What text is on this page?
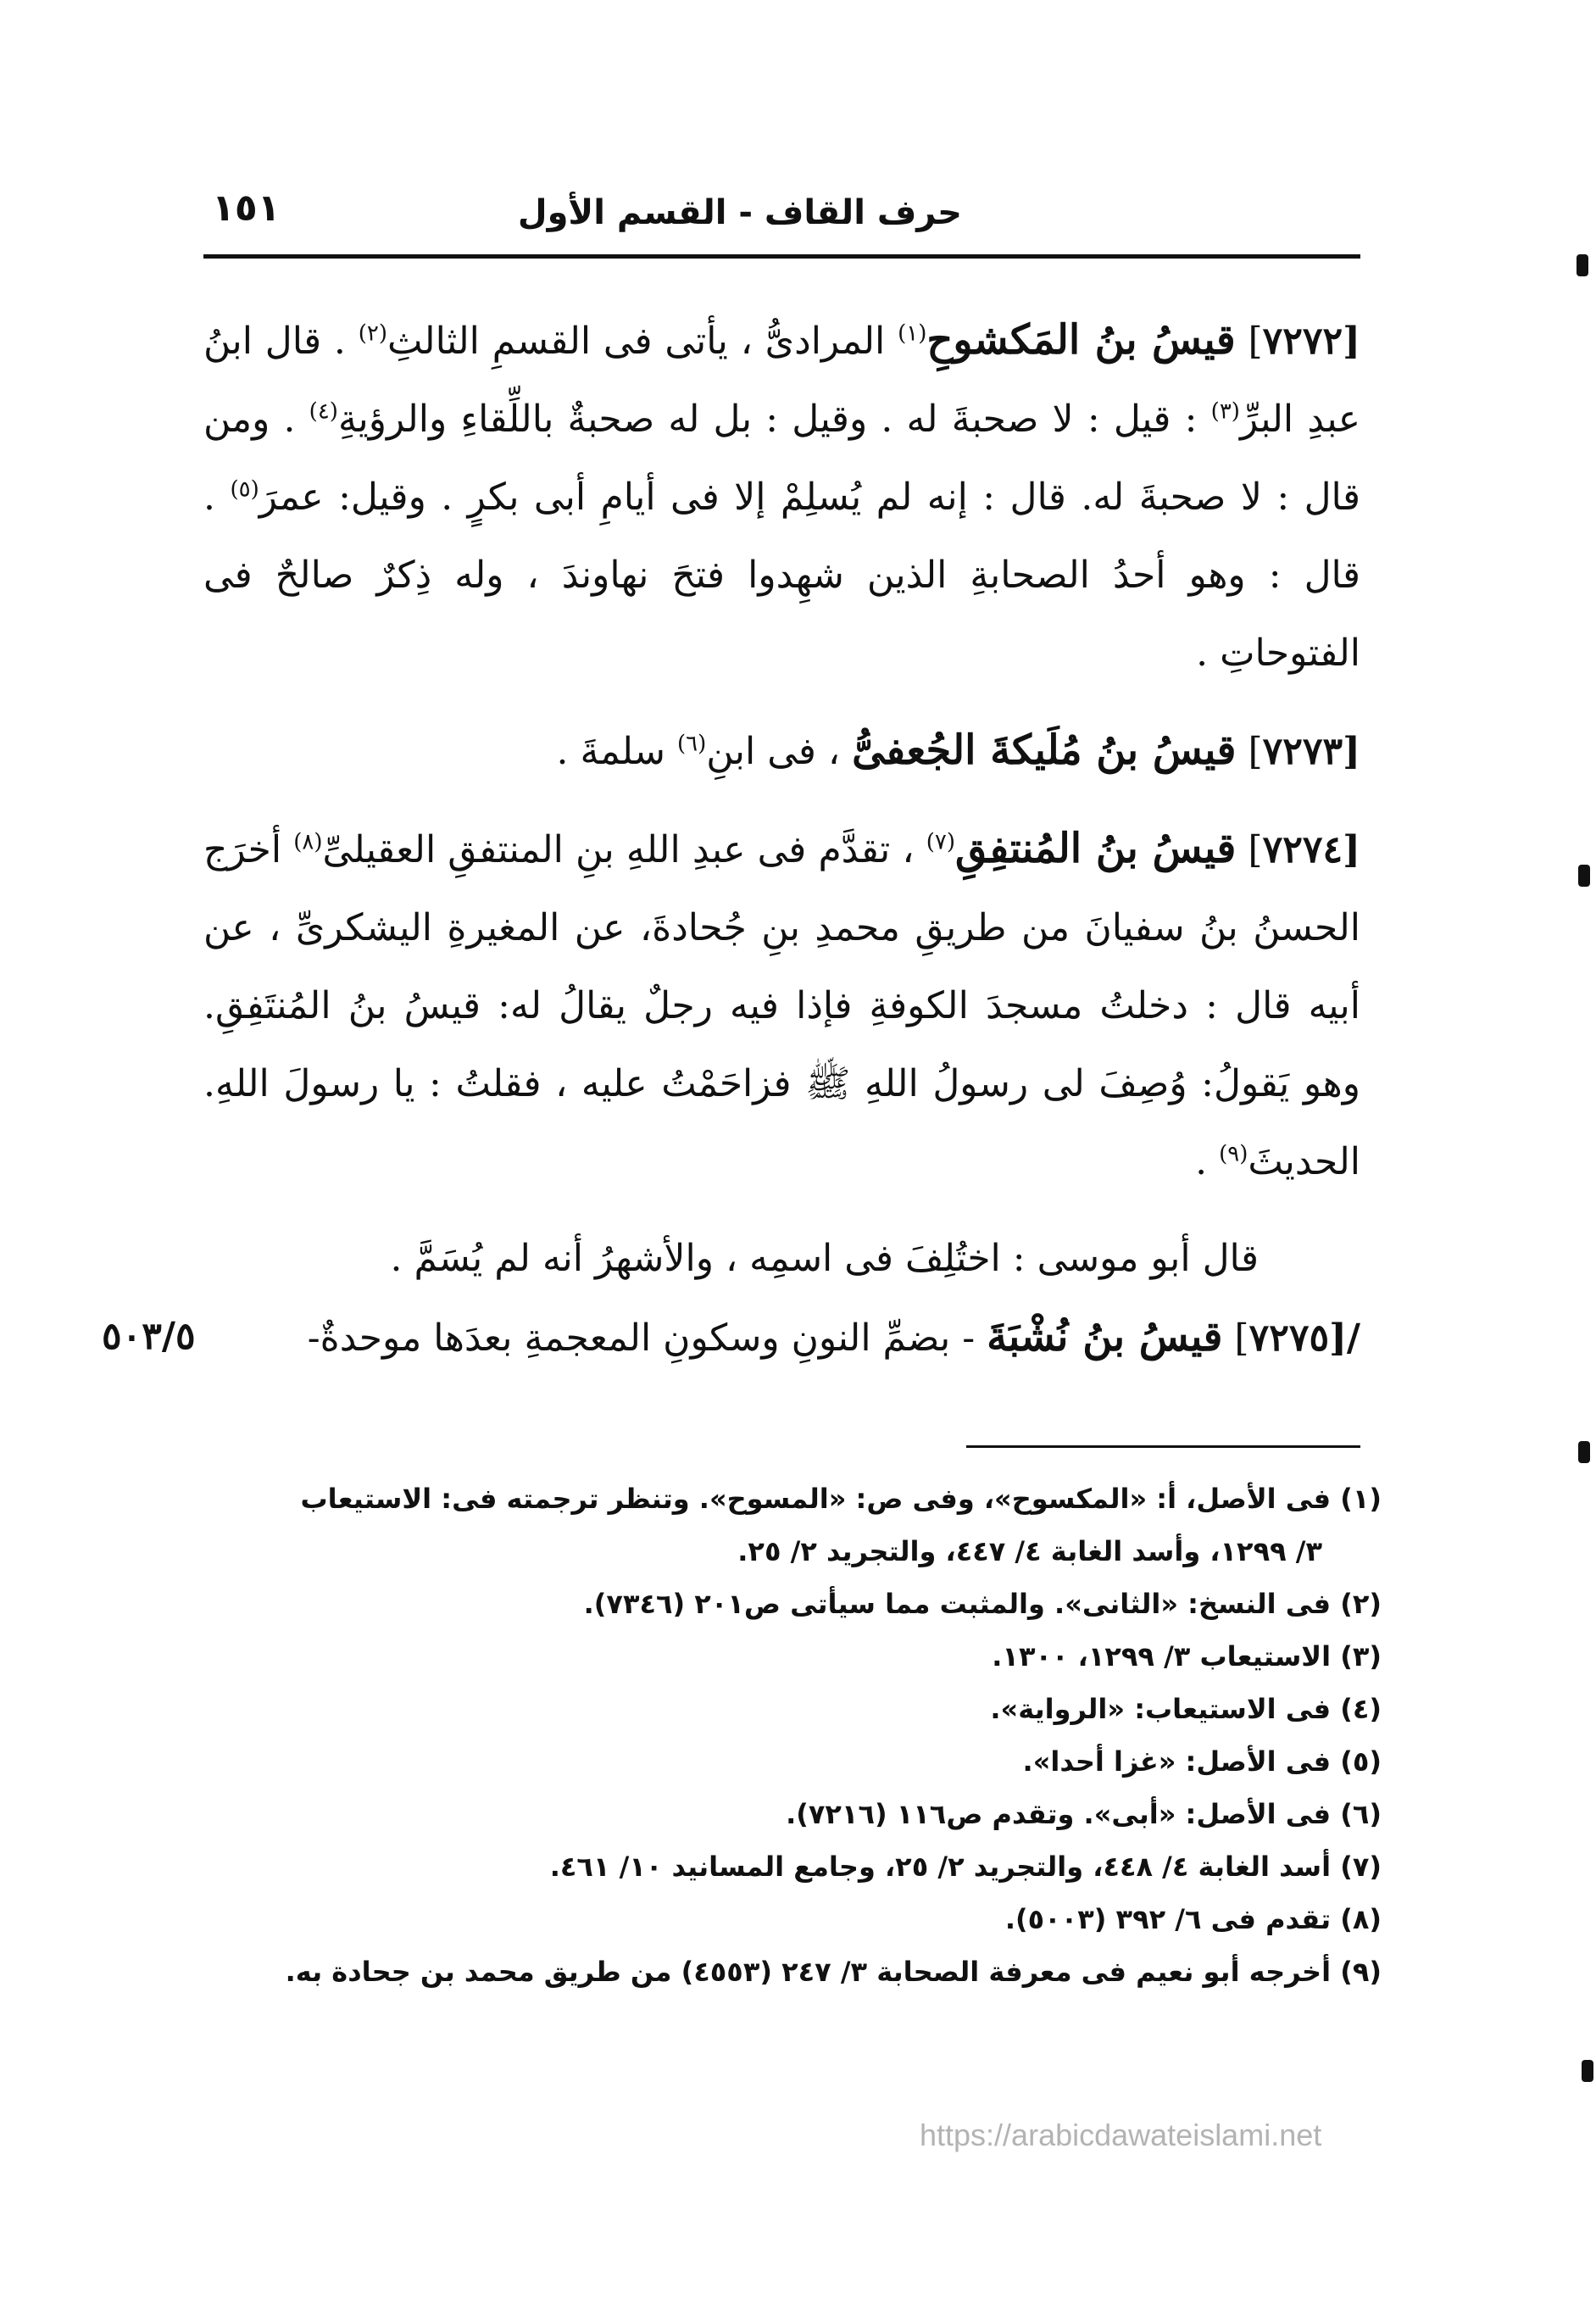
حرف القاف - القسم الأول
١٥١

[٧٢٧٢] قيسُ بنُ المَكشوحِ$^{(١)}$ المرادىُّ ، يأتى فى القسمِ الثالثِ$^{(٢)}$ . قال ابنُ عبدِ البرِّ$^{(٣)}$ : قيل : لا صحبةَ له . وقيل : بل له صحبةٌ باللِّقاءِ والرؤيةِ$^{(٤)}$ . ومن قال : لا صحبةَ له. قال : إنه لم يُسلِمْ إلا فى أيامِ أبى بكرٍ . وقيل: عمرَ$^{(٥)}$ . قال : وهو أحدُ الصحابةِ الذين شهِدوا فتحَ نهاوندَ ، وله ذِكرٌ صالحٌ فى الفتوحاتِ .

[٧٢٧٣] قيسُ بنُ مُلَيكةَ الجُعفىُّ ، فى ابنِ$^{(٦)}$ سلمةَ .

[٧٢٧٤] قيسُ بنُ المُنتفِقِ$^{(٧)}$ ، تقدَّم فى عبدِ اللهِ بنِ المنتفقِ العقيلىِّ$^{(٨)}$ أخرَج الحسنُ بنُ سفيانَ من طريقِ محمدِ بنِ جُحادةَ، عن المغيرةِ اليشكرىِّ ، عن أبيه قال : دخلتُ مسجدَ الكوفةِ فإذا فيه رجلٌ يقالُ له: قيسُ بنُ المُنتَفِقِ. وهو يَقولُ: وُصِفَ لى رسولُ اللهِ ﷺ فزاحَمْتُ عليه ، فقلتُ : يا رسولَ اللهِ. الحديثَ$^{(٩)}$ .

قال أبو موسى : اختُلِفَ فى اسمِه ، والأشهرُ أنه لم يُسَمَّ .

/[٧٢٧٥] قيسُ بنُ نُشْبَةَ - بضمِّ النونِ وسكونِ المعجمةِ بعدَها موحدةٌ-
٥٠٣/٥

(١) فى الأصل، أ: «المكسوح»، وفى ص: «المسوح». وتنظر ترجمته فى: الاستيعاب

٣/ ١٢٩٩، وأسد الغابة ٤/ ٤٤٧، والتجريد ٢/ ٢٥.

(٢) فى النسخ: «الثانى». والمثبت مما سيأتى ص٢٠١ (٧٣٤٦).

(٣) الاستيعاب ٣/ ١٢٩٩، ١٣٠٠.

(٤) فى الاستيعاب: «الرواية».

(٥) فى الأصل: «غزا أحدا».

(٦) فى الأصل: «أبى». وتقدم ص١١٦ (٧٢١٦).

(٧) أسد الغابة ٤/ ٤٤٨، والتجريد ٢/ ٢٥، وجامع المسانيد ١٠/ ٤٦١.

(٨) تقدم فى ٦/ ٣٩٢ (٥٠٠٣).

(٩) أخرجه أبو نعيم فى معرفة الصحابة ٣/ ٢٤٧ (٤٥٥٣) من طريق محمد بن جحادة به.

https://arabicdawateislami.net
